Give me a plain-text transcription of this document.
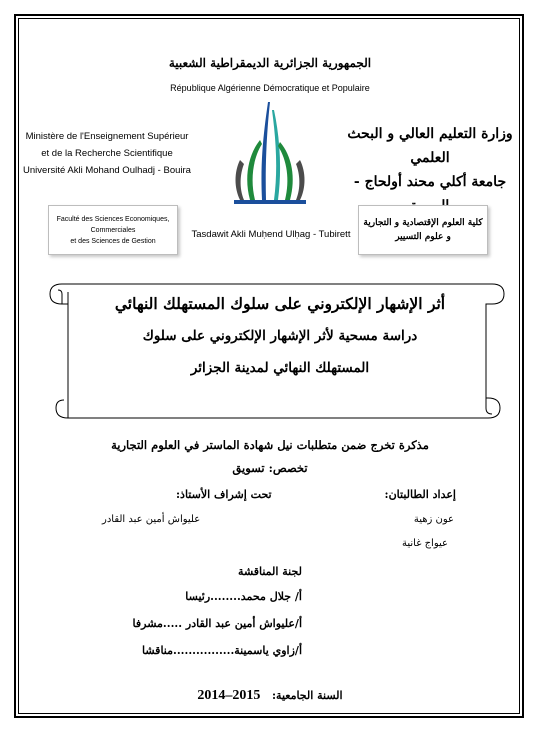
الجمهورية الجزائرية الديمقراطية الشعبية
République Algérienne Démocratique et Populaire
Ministère de l'Enseignement Supérieur
et de la Recherche Scientifique
Université Akli Mohand Oulhadj - Bouira
وزارة التعليم العالي و البحث العلمي
جامعة أكلي محند أولحاج -
Tasdawit Akli Muḥend Ulḥag - Tubirett
Faculté des Sciences Economiques, Commerciales
et des Sciences de Gestion
كلية العلوم الإقتصادية و التجارية
و علوم التسيير
أثر الإشهار الإلكتروني على سلوك المستهلك النهائي
دراسة مسحية لأثر الإشهار الإلكتروني على سلوك
المستهلك النهائي لمدينة الجزائر
مذكرة تخرج ضمن متطلبات نيل شهادة الماستر في العلوم التجارية
تخصص: تسويق
إعداد الطالبتان:
عون زهية
عيواج غانية
تحت إشراف الأستاذ:
عليواش أمين عبد القادر
لجنة المناقشة
أ/ جلال محمد........رئيسا
أ/عليواش أمين عبد القادر .....مشرفا
أ/زاوي ياسمينة................مناقشا
السنة الجامعية: 2015–2014
